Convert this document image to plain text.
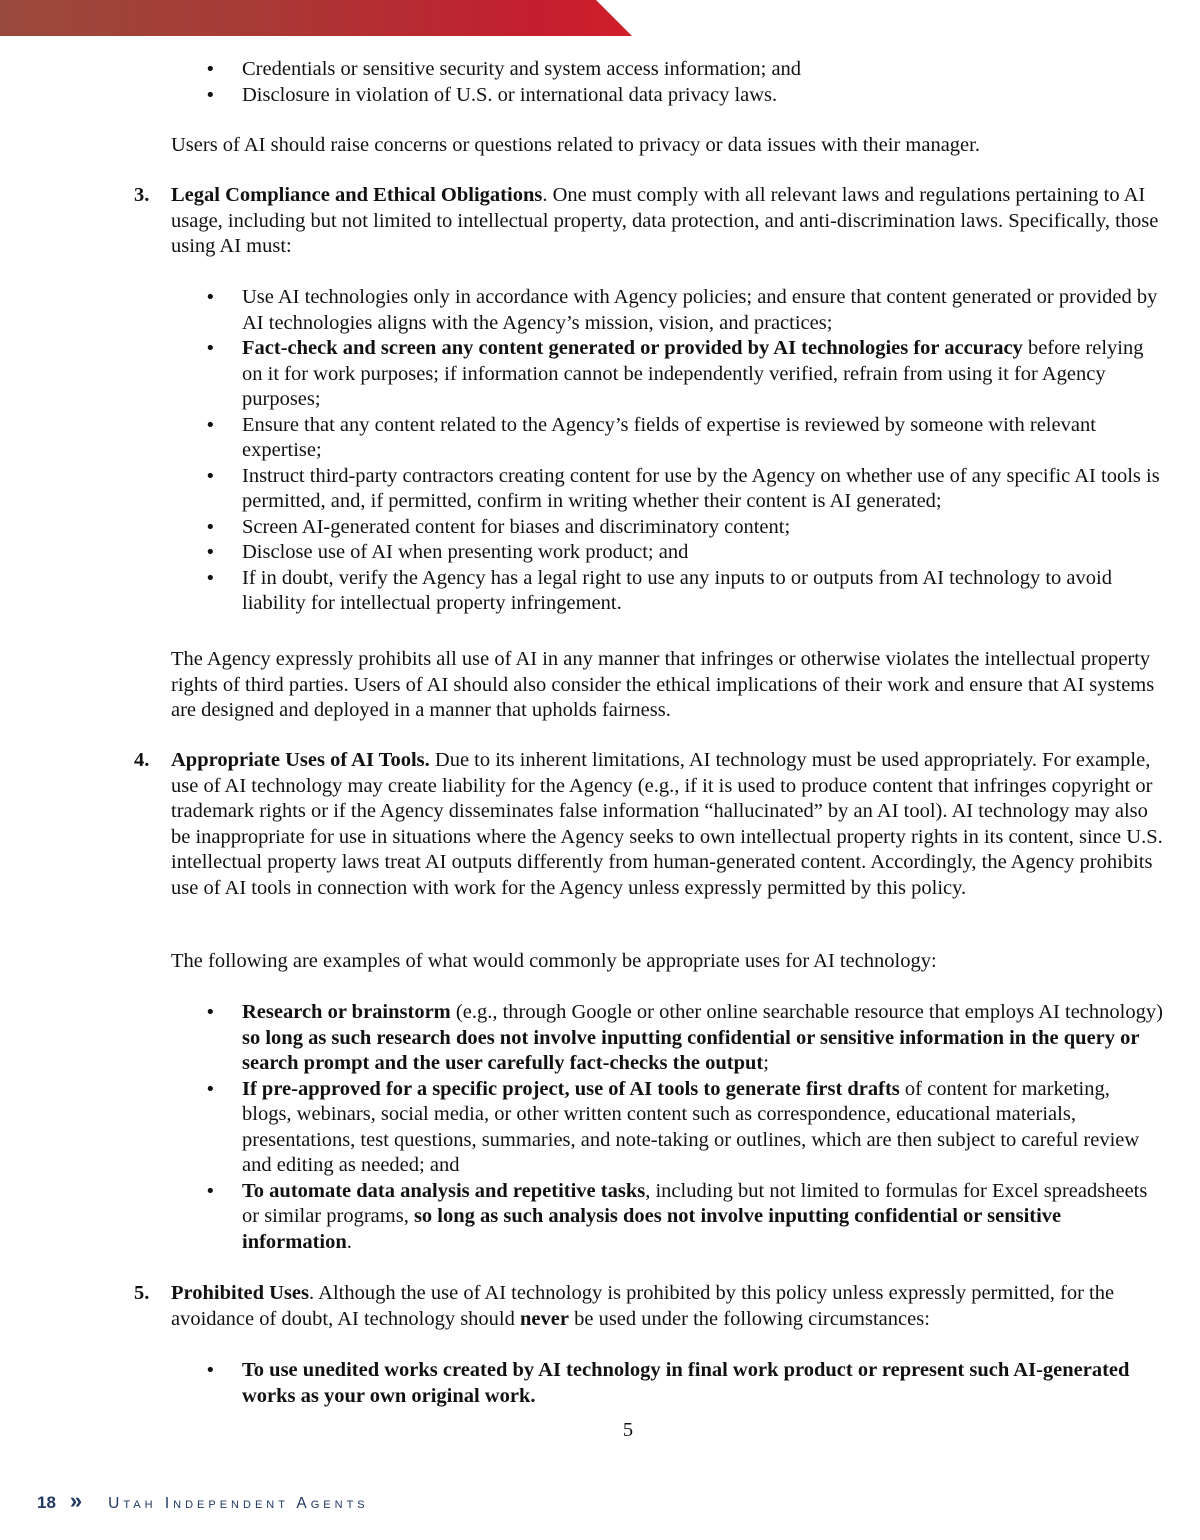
• Credentials or sensitive security and system access information; and
• Disclosure in violation of U.S. or international data privacy laws.

Users of AI should raise concerns or questions related to privacy or data issues with their manager.

3. Legal Compliance and Ethical Obligations. One must comply with all relevant laws and regulations pertaining to AI usage, including but not limited to intellectual property, data protection, and anti-discrimination laws. Specifically, those using AI must:

• Use AI technologies only in accordance with Agency policies; and ensure that content generated or provided by AI technologies aligns with the Agency’s mission, vision, and practices;
• Fact-check and screen any content generated or provided by AI technologies for accuracy before relying on it for work purposes; if information cannot be independently verified, refrain from using it for Agency purposes;
• Ensure that any content related to the Agency’s fields of expertise is reviewed by someone with relevant expertise;
• Instruct third-party contractors creating content for use by the Agency on whether use of any specific AI tools is permitted, and, if permitted, confirm in writing whether their content is AI generated;
• Screen AI-generated content for biases and discriminatory content;
• Disclose use of AI when presenting work product; and
• If in doubt, verify the Agency has a legal right to use any inputs to or outputs from AI technology to avoid liability for intellectual property infringement.

The Agency expressly prohibits all use of AI in any manner that infringes or otherwise violates the intellectual property rights of third parties. Users of AI should also consider the ethical implications of their work and ensure that AI systems are designed and deployed in a manner that upholds fairness.

4. Appropriate Uses of AI Tools. Due to its inherent limitations, AI technology must be used appropriately. For example, use of AI technology may create liability for the Agency (e.g., if it is used to produce content that infringes copyright or trademark rights or if the Agency disseminates false information “hallucinated” by an AI tool). AI technology may also be inappropriate for use in situations where the Agency seeks to own intellectual property rights in its content, since U.S. intellectual property laws treat AI outputs differently from human-generated content. Accordingly, the Agency prohibits use of AI tools in connection with work for the Agency unless expressly permitted by this policy.

The following are examples of what would commonly be appropriate uses for AI technology:

• Research or brainstorm (e.g., through Google or other online searchable resource that employs AI technology) so long as such research does not involve inputting confidential or sensitive information in the query or search prompt and the user carefully fact-checks the output;
• If pre-approved for a specific project, use of AI tools to generate first drafts of content for marketing, blogs, webinars, social media, or other written content such as correspondence, educational materials, presentations, test questions, summaries, and note-taking or outlines, which are then subject to careful review and editing as needed; and
• To automate data analysis and repetitive tasks, including but not limited to formulas for Excel spreadsheets or similar programs, so long as such analysis does not involve inputting confidential or sensitive information.
5. Prohibited Uses. Although the use of AI technology is prohibited by this policy unless expressly permitted, for the avoidance of doubt, AI technology should never be used under the following circumstances:

• To use unedited works created by AI technology in final work product or represent such AI-generated works as your own original work.
5
18 » Utah Independent Agents
